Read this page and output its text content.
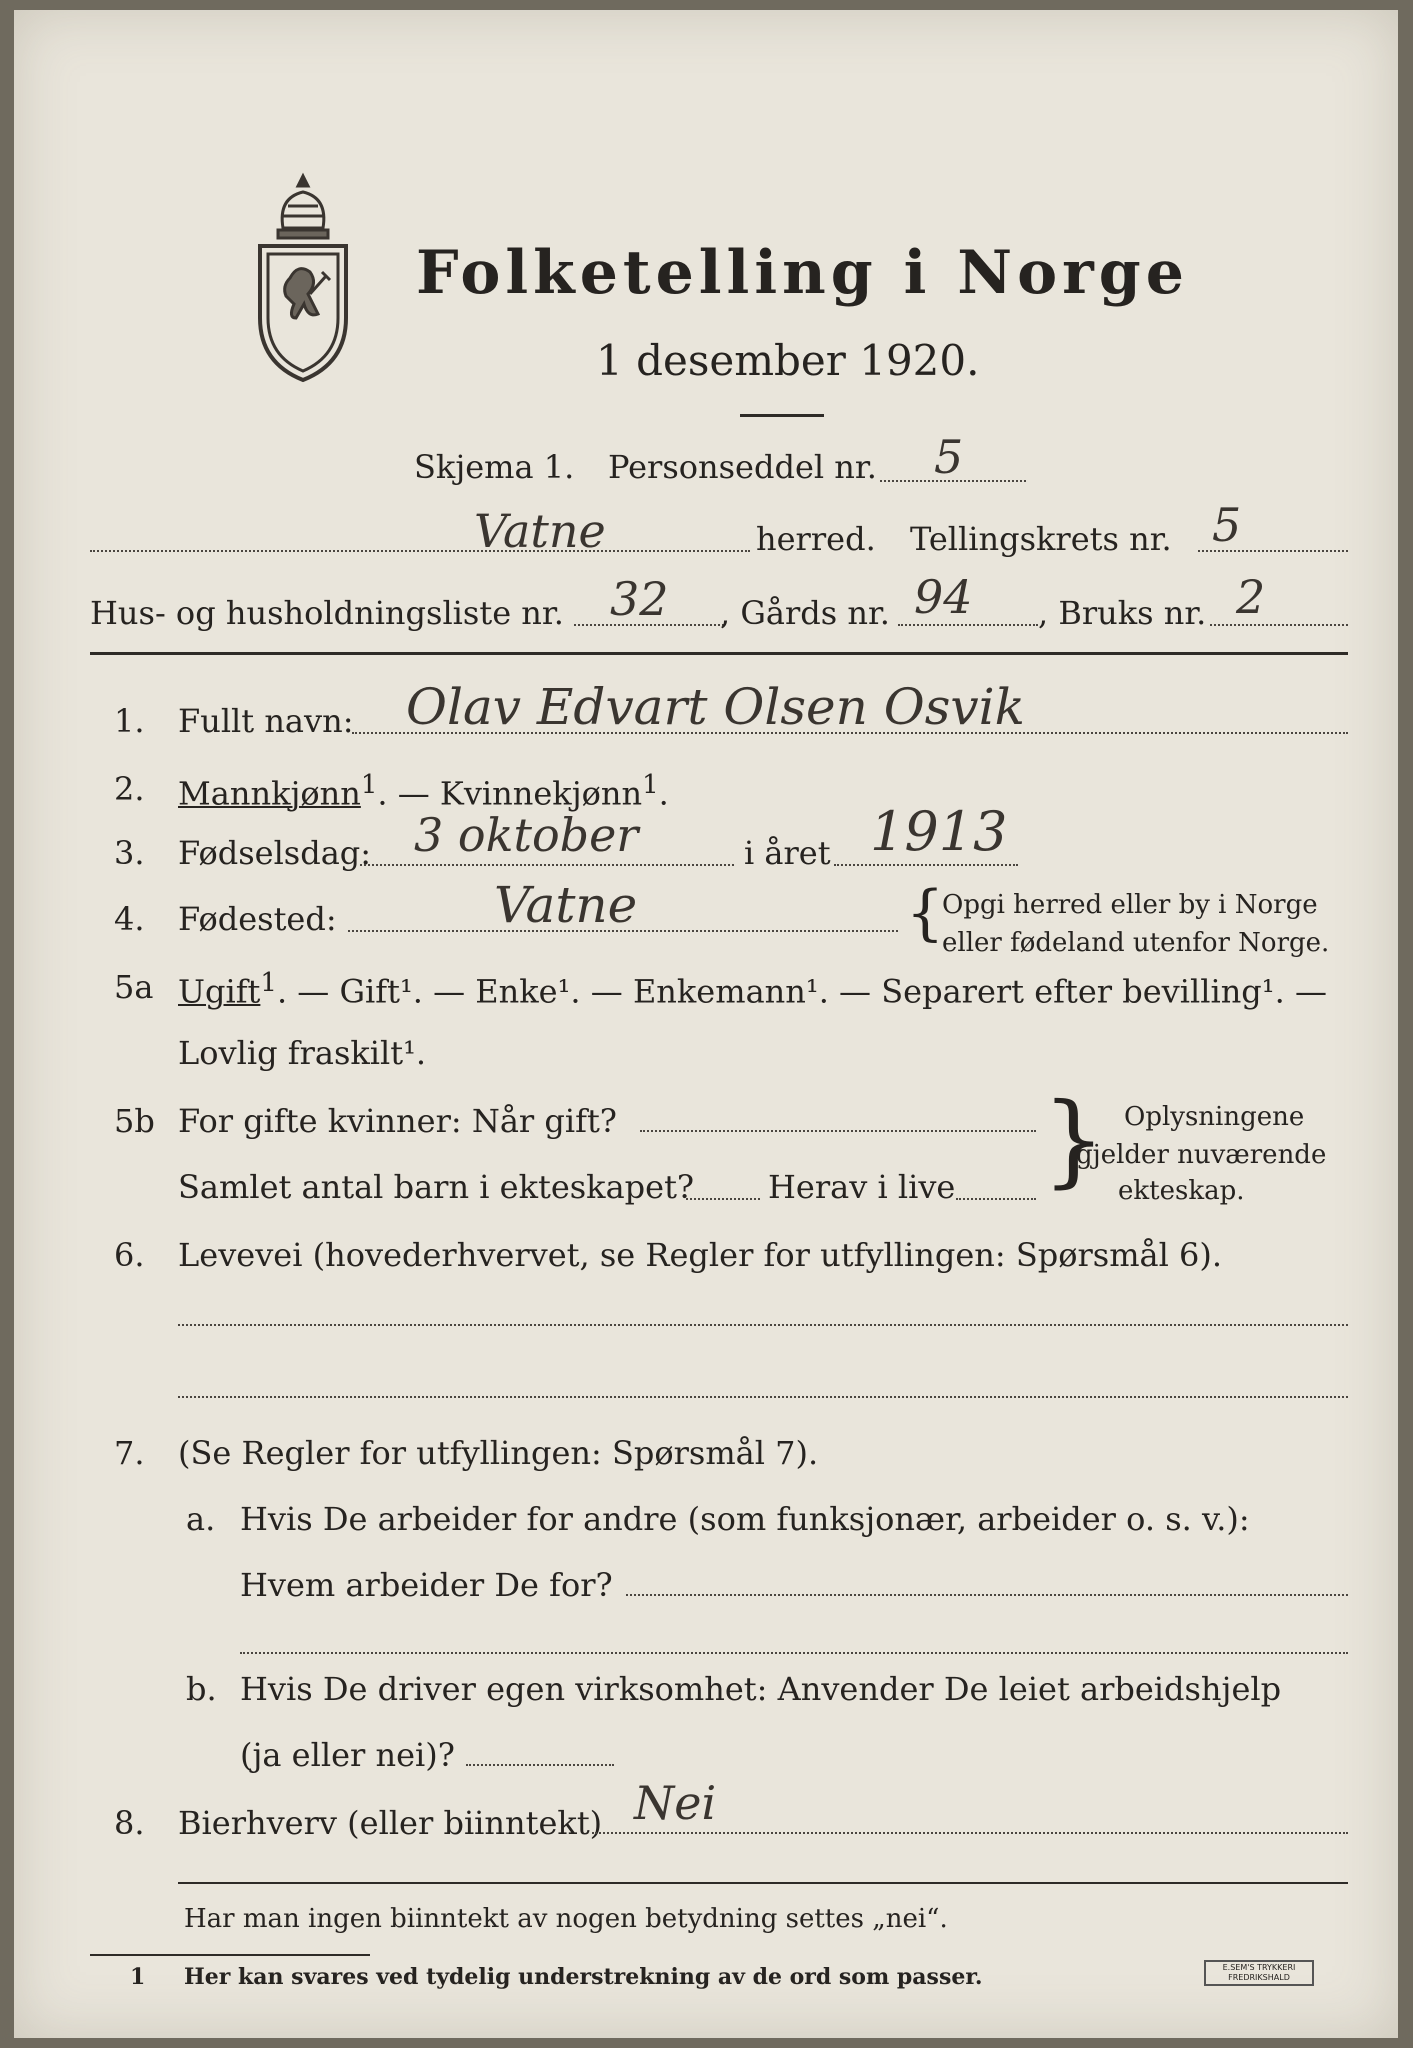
Folketelling i Norge
1 desember 1920.
Skjema 1. Personseddel nr. 5
Vatne	herred. Tellingskrets nr. 5
Hus- og husholdningsliste nr. 32 , Gårds nr. 94 , Bruks nr. 2
1. Fullt navn: Olav Edvart Olsen Osvik
2. Mannkjønn$^1$. — Kvinnekjønn$^1$.
3. Fødselsdag: 3 oktober	i året 1913
4. Fødested:	Vatne	{
Opgi herred eller by i Norge
eller fødeland utenfor Norge.
5a Ugift$^1$. — Gift¹. — Enke¹. — Enkemann¹. — Separert efter bevilling¹. —
Lovlig fraskilt¹.
5b For gifte kvinner: Når gift?
Samlet antal barn i ekteskapet? Herav i live } Oplysningene
gjelder nuværende
ekteskap.
6. Levevei (hovederhvervet, se Regler for utfyllingen: Spørsmål 6).
7. (Se Regler for utfyllingen: Spørsmål 7).
a. Hvis De arbeider for andre (som funksjonær, arbeider o. s. v.):
Hvem arbeider De for?
b. Hvis De driver egen virksomhet: Anvender De leiet arbeidshjelp
(ja eller nei)?
8. Bierhverv (eller biinntekt) Nei
Har man ingen biinntekt av nogen betydning settes „nei“.
1 Her kan svares ved tydelig understrekning av de ord som passer.	E.SEM'S TRYKKERI
FREDRIKSHALD
